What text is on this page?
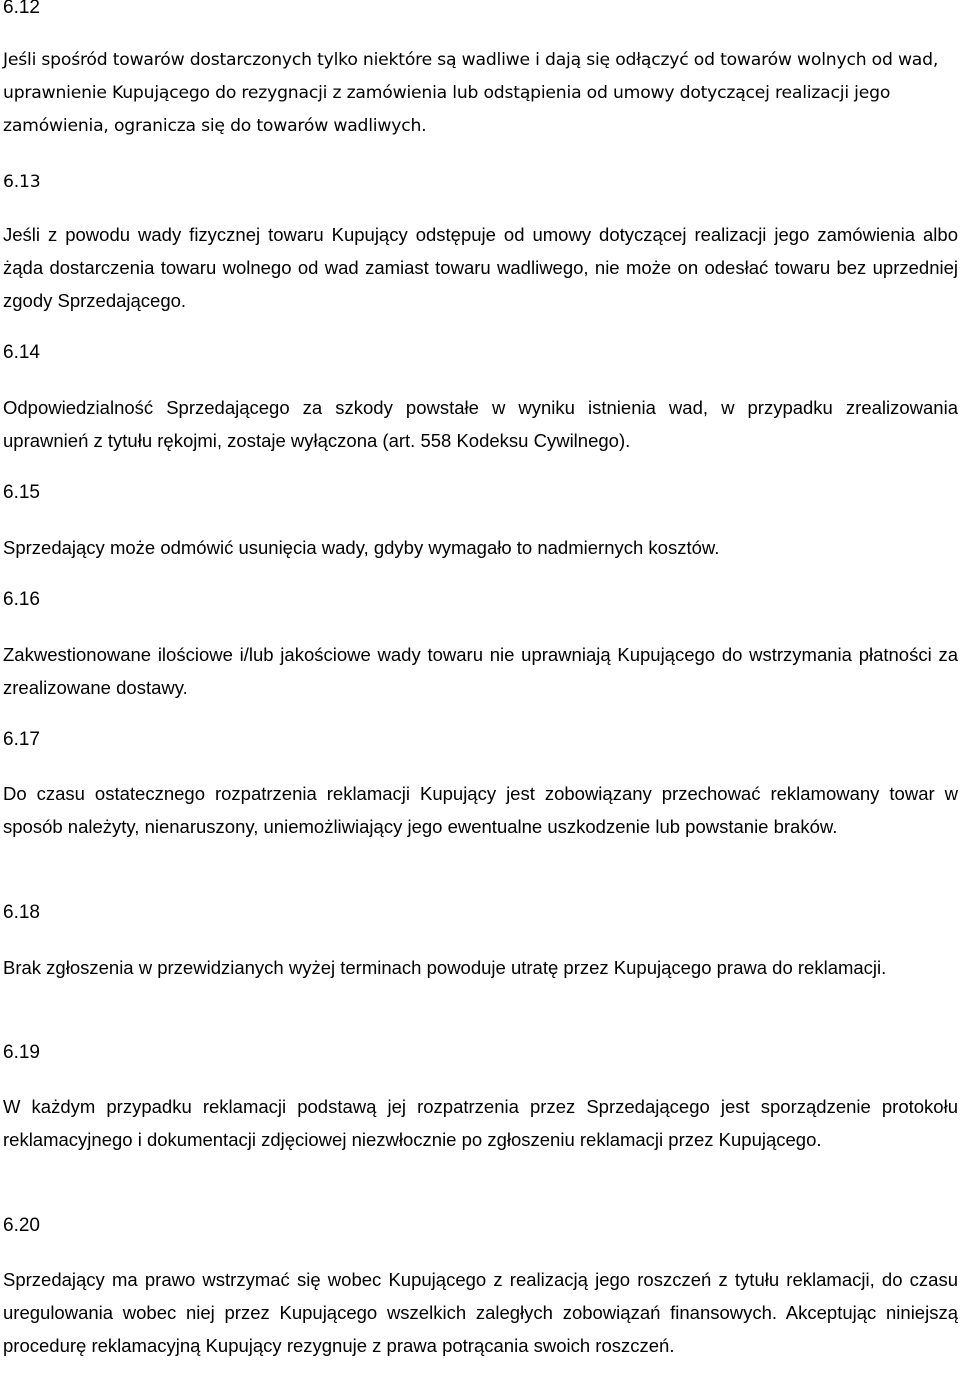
6.12

Jeśli spośród towarów dostarczonych tylko niektóre są wadliwe i dają się odłączyć od towarów wolnych od wad, uprawnienie Kupującego do rezygnacji z zamówienia lub odstąpienia od umowy dotyczącej realizacji jego zamówienia, ogranicza się do towarów wadliwych.

6.13

Jeśli z powodu wady fizycznej towaru Kupujący odstępuje od umowy dotyczącej realizacji jego zamówienia albo żąda dostarczenia towaru wolnego od wad zamiast towaru wadliwego, nie może on odesłać towaru bez uprzedniej zgody Sprzedającego.

6.14

Odpowiedzialność Sprzedającego za szkody powstałe w wyniku istnienia wad, w przypadku zrealizowania uprawnień z tytułu rękojmi, zostaje wyłączona (art. 558 Kodeksu Cywilnego).

6.15

Sprzedający może odmówić usunięcia wady, gdyby wymagało to nadmiernych kosztów.

6.16

Zakwestionowane ilościowe i/lub jakościowe wady towaru nie uprawniają Kupującego do wstrzymania płatności za zrealizowane dostawy.

6.17

Do czasu ostatecznego rozpatrzenia reklamacji Kupujący jest zobowiązany przechować reklamowany towar w sposób należyty, nienaruszony, uniemożliwiający jego ewentualne uszkodzenie lub powstanie braków.

6.18

Brak zgłoszenia w przewidzianych wyżej terminach powoduje utratę przez Kupującego prawa do reklamacji.

6.19

W każdym przypadku reklamacji podstawą jej rozpatrzenia przez Sprzedającego jest sporządzenie protokołu reklamacyjnego i dokumentacji zdjęciowej niezwłocznie po zgłoszeniu reklamacji przez Kupującego.

6.20

Sprzedający ma prawo wstrzymać się wobec Kupującego z realizacją jego roszczeń z tytułu reklamacji, do czasu uregulowania wobec niej przez Kupującego wszelkich zaległych zobowiązań finansowych. Akceptując niniejszą procedurę reklamacyjną Kupujący rezygnuje z prawa potrącania swoich roszczeń.
